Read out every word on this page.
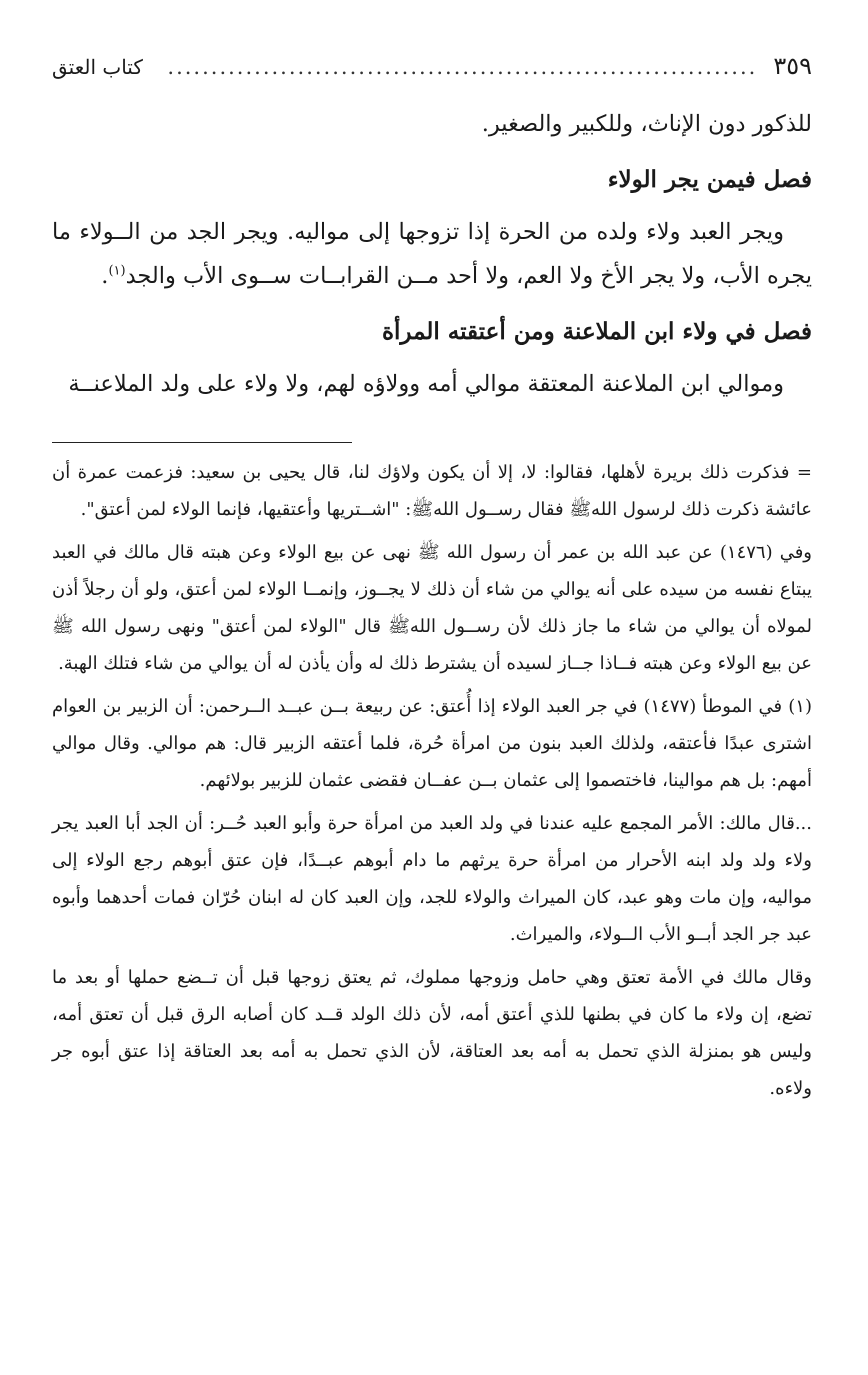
٣٥٩
....................................................................
كتاب العتق

للذكور دون الإناث، وللكبير والصغير.

فصل فيمن يجر الولاء

ويجر العبد ولاء ولده من الحرة إذا تزوجها إلى مواليه. ويجر الجد من الــولاء ما يجره الأب، ولا يجر الأخ ولا العم، ولا أحد مــن القرابــات ســوى الأب والجد$^{(١)}$.

فصل في ولاء ابن الملاعنة ومن أعتقته المرأة

وموالي ابن الملاعنة المعتقة موالي أمه وولاؤه لهم، ولا ولاء على ولد الملاعنــة

= فذكرت ذلك بريرة لأهلها، فقالوا: لا، إلا أن يكون ولاؤك لنا، قال يحيى بن سعيد: فزعمت عمرة أن عائشة ذكرت ذلك لرسول اللهﷺ فقال رســول اللهﷺ: "اشــتريها وأعتقيها، فإنما الولاء لمن أعتق".

وفي (١٤٧٦) عن عبد الله بن عمر أن رسول الله ﷺ نهى عن بيع الولاء وعن هبته قال مالك في العبد يبتاع نفسه من سيده على أنه يوالي من شاء أن ذلك لا يجــوز، وإنمــا الولاء لمن أعتق، ولو أن رجلاً أذن لمولاه أن يوالي من شاء ما جاز ذلك لأن رســول اللهﷺ قال "الولاء لمن أعتق" ونهى رسول الله ﷺ عن بيع الولاء وعن هبته فــاذا جــاز لسيده أن يشترط ذلك له وأن يأذن له أن يوالي من شاء فتلك الهبة.

(١) في الموطأ (١٤٧٧) في جر العبد الولاء إذا أُعتق: عن ربيعة بــن عبــد الــرحمن: أن الزبير بن العوام اشترى عبدًا فأعتقه، ولذلك العبد بنون من امرأة حُرة، فلما أعتقه الزبير قال: هم موالي. وقال موالي أمهم: بل هم موالينا، فاختصموا إلى عثمان بــن عفــان فقضى عثمان للزبير بولائهم.

...قال مالك: الأمر المجمع عليه عندنا في ولد العبد من امرأة حرة وأبو العبد حُــر: أن الجد أبا العبد يجر ولاء ولد ولد ابنه الأحرار من امرأة حرة يرثهم ما دام أبوهم عبــدًا، فإن عتق أبوهم رجع الولاء إلى مواليه، وإن مات وهو عبد، كان الميراث والولاء للجد، وإن العبد كان له ابنان حُرّان فمات أحدهما وأبوه عبد جر الجد أبــو الأب الــولاء، والميراث.

وقال مالك في الأمة تعتق وهي حامل وزوجها مملوك، ثم يعتق زوجها قبل أن تــضع حملها أو بعد ما تضع، إن ولاء ما كان في بطنها للذي أعتق أمه، لأن ذلك الولد قــد كان أصابه الرق قبل أن تعتق أمه، وليس هو بمنزلة الذي تحمل به أمه بعد العتاقة، لأن الذي تحمل به أمه بعد العتاقة إذا عتق أبوه جر ولاءه.
